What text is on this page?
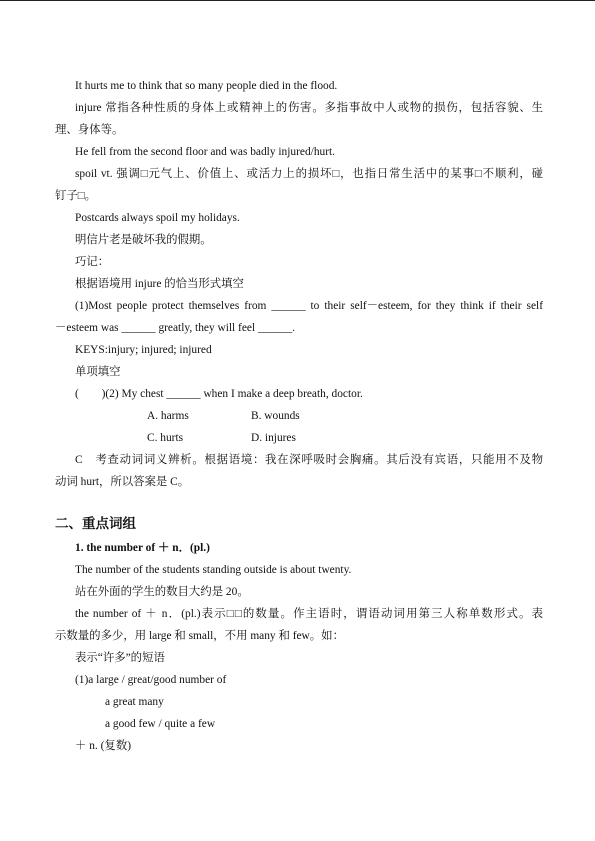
It hurts me to think that so many people died in the flood.
injure 常指各种性质的身体上或精神上的伤害。多指事故中人或物的损伤，包括容貌、生
理、身体等。
He fell from the second floor and was badly injured/hurt.
spoil vt. 强调□元气上、价值上、或活力上的损坏□，也指日常生活中的某事□不顺利，碰
钉子□。
Postcards always spoil my holidays.
明信片老是破坏我的假期。
巧记：
根据语境用 injure 的恰当形式填空
(1)Most people protect themselves from ______ to their self－esteem, for they think if their self
－esteem was ______ greatly, they will feel ______.
KEYS:injury; injured; injured
单项填空
(　　)(2) My chest ______ when I make a deep breath, doctor.
A. harms	B. wounds
C. hurts	D. injures
C　考查动词词义辨析。根据语境：我在深呼吸时会胸痛。其后没有宾语，只能用不及物
动词 hurt，所以答案是 C。
二、重点词组
1. the number of ＋ n．(pl.)
The number of the students standing outside is about twenty.
站在外面的学生的数目大约是 20。
the number of ＋ n．(pl.)表示□□的数量。作主语时，谓语动词用第三人称单数形式。表
示数量的多少，用 large 和 small，不用 many 和 few。如：
表示“许多”的短语
(1)a large / great/good number of
a great many
a good few / quite a few
＋ n. (复数)
